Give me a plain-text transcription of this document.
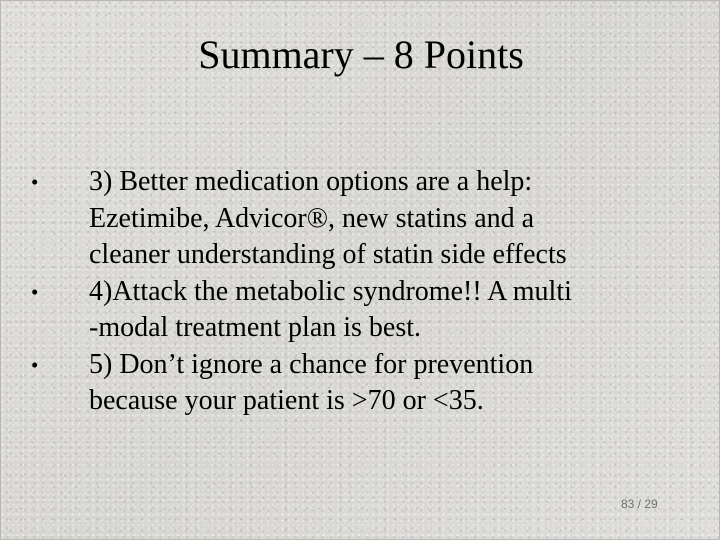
Summary – 8 Points
• 3) Better medication options are a help:
Ezetimibe, Advicor®, new statins and a
cleaner understanding of statin side effects
• 4)Attack the metabolic syndrome!! A multi
-modal treatment plan is best.
• 5) Don’t ignore a chance for prevention
because your patient is >70 or <35.
83 / 29
